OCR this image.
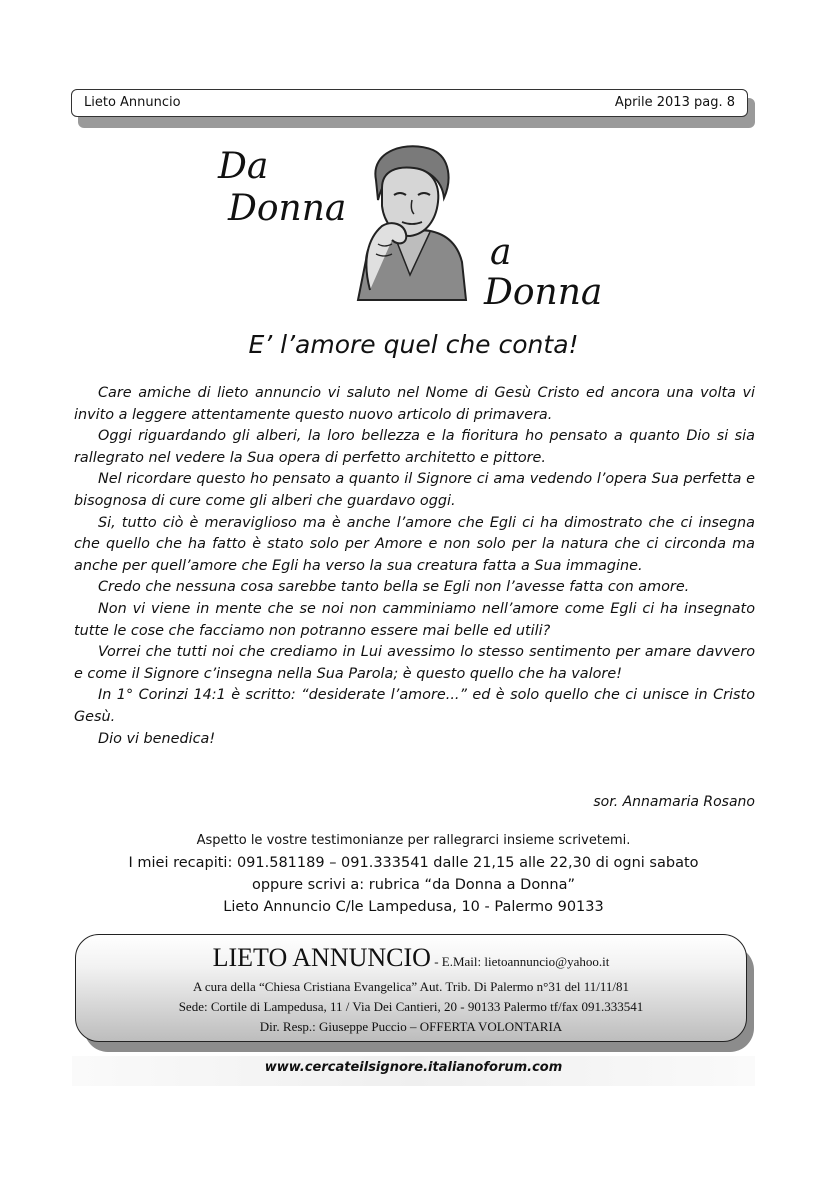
Lieto Annuncio	Aprile 2013 pag. 8
Da
Donna
a
Donna
E’ l’amore quel che conta!

Care amiche di lieto annuncio vi saluto nel Nome di Gesù Cristo ed ancora una volta vi invito a leggere attentamente questo nuovo articolo di primavera.

Oggi riguardando gli alberi, la loro bellezza e la fioritura ho pensato a quanto Dio si sia rallegrato nel vedere la Sua opera di perfetto architetto e pittore.

Nel ricordare questo ho pensato a quanto il Signore ci ama vedendo l’opera Sua perfetta e bisognosa di cure come gli alberi che guardavo oggi.

Si, tutto ciò è meraviglioso ma è anche l’amore che Egli ci ha dimostrato che ci insegna che quello che ha fatto è stato solo per Amore e non solo per la natura che ci circonda ma anche per quell’amore che Egli ha verso la sua creatura fatta a Sua immagine.

Credo che nessuna cosa sarebbe tanto bella se Egli non l’avesse fatta con amore.

Non vi viene in mente che se noi non camminiamo nell’amore come Egli ci ha insegnato tutte le cose che facciamo non potranno essere mai belle ed utili?

Vorrei che tutti noi che crediamo in Lui avessimo lo stesso sentimento per amare davvero e come il Signore c’insegna nella Sua Parola; è questo quello che ha valore!

In 1° Corinzi 14:1 è scritto: “desiderate l’amore...” ed è solo quello che ci unisce in Cristo Gesù.

Dio vi benedica!

sor. Annamaria Rosano
Aspetto le vostre testimonianze per rallegrarci insieme scrivetemi.
I miei recapiti: 091.581189 – 091.333541 dalle 21,15 alle 22,30 di ogni sabato
oppure scrivi a: rubrica “da Donna a Donna”
Lieto Annuncio C/le Lampedusa, 10 - Palermo 90133
LIETO ANNUNCIO - E.Mail: lietoannuncio@yahoo.it
A cura della “Chiesa Cristiana Evangelica” Aut. Trib. Di Palermo n°31 del 11/11/81
Sede: Cortile di Lampedusa, 11 / Via Dei Cantieri, 20 - 90133 Palermo tf/fax 091.333541
Dir. Resp.: Giuseppe Puccio – OFFERTA VOLONTARIA
www.cercateilsignore.italianoforum.com
